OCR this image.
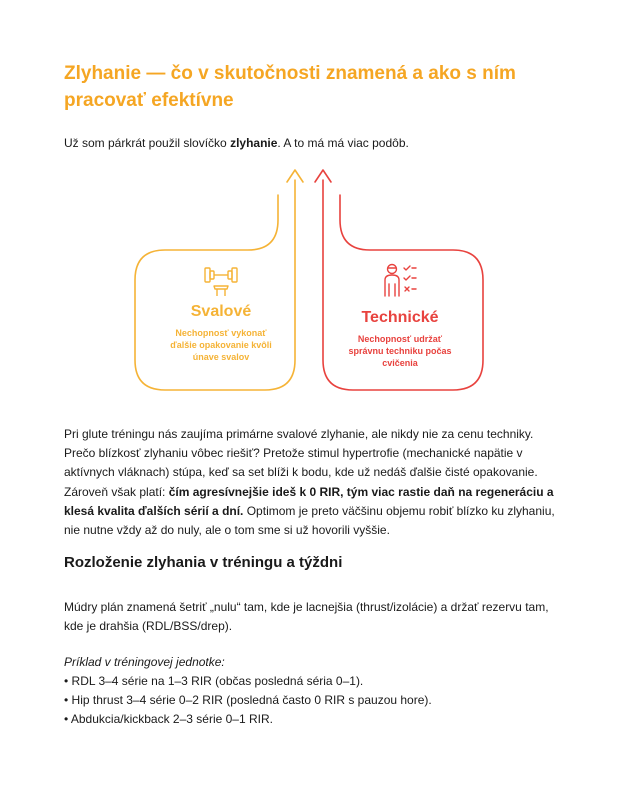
Zlyhanie — čo v skutočnosti znamená a ako s ním pracovať efektívne

Už som párkrát použil slovíčko zlyhanie. A to má má viac podôb.

Svalové
Nechopnosť vykonať ďalšie opakovanie kvôli únave svalov
Technické
Nechopnosť udržať správnu techniku počas cvičenia

Pri glute tréningu nás zaujíma primárne svalové zlyhanie, ale nikdy nie za cenu techniky. Prečo blízkosť zlyhaniu vôbec riešiť? Pretože stimul hypertrofie (mechanické napätie v aktívnych vláknach) stúpa, keď sa set blíži k bodu, kde už nedáš ďalšie čisté opakovanie. Zároveň však platí: čím agresívnejšie ideš k 0 RIR, tým viac rastie daň na regeneráciu a klesá kvalita ďalších sérií a dní. Optimom je preto väčšinu objemu robiť blízko ku zlyhaniu, nie nutne vždy až do nuly, ale o tom sme si už hovorili vyššie.

Rozloženie zlyhania v tréningu a týždni

Múdry plán znamená šetriť „nulu“ tam, kde je lacnejšia (thrust/izolácie) a držať rezervu tam, kde je drahšia (RDL/BSS/drep).

Príklad v tréningovej jednotke:

• RDL 3–4 série na 1–3 RIR (občas posledná séria 0–1).
• Hip thrust 3–4 série 0–2 RIR (posledná často 0 RIR s pauzou hore).
• Abdukcia/kickback 2–3 série 0–1 RIR.
